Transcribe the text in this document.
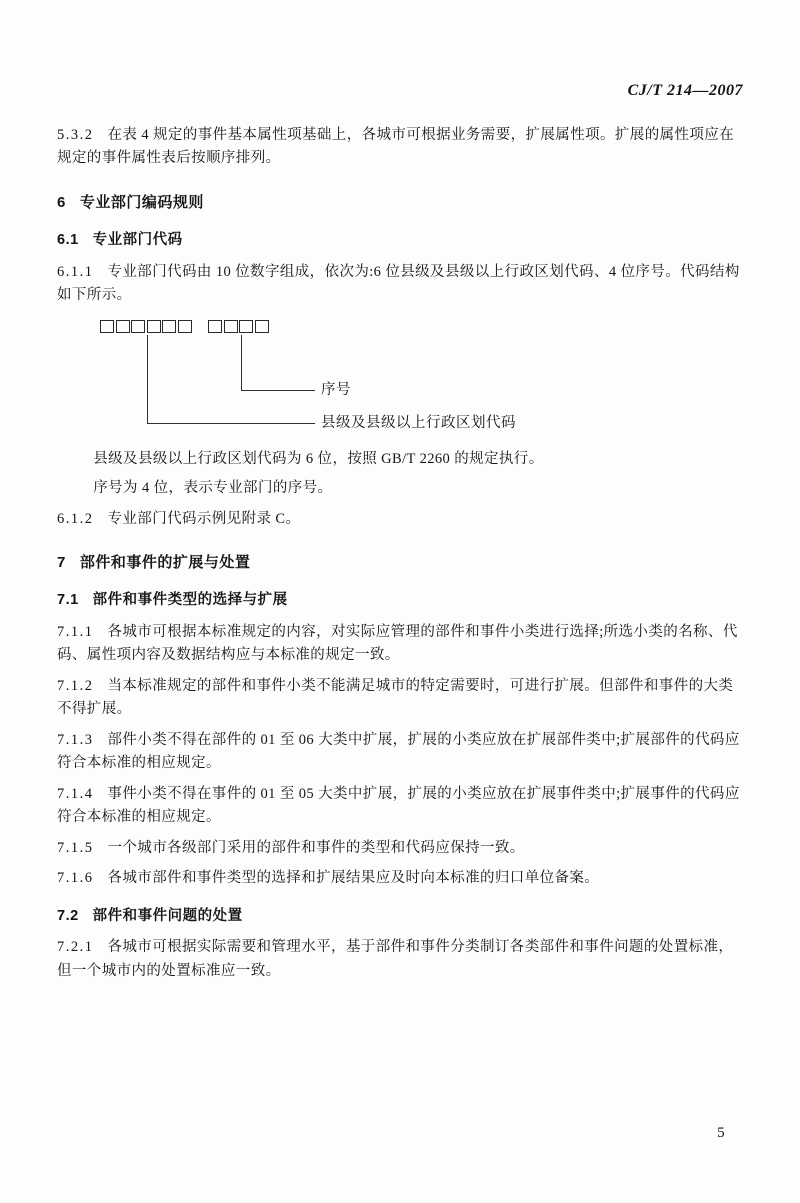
CJ/T 214—2007

5.3.2 在表 4 规定的事件基本属性项基础上，各城市可根据业务需要，扩展属性项。扩展的属性项应在规定的事件属性表后按顺序排列。

6 专业部门编码规则
6.1 专业部门代码

6.1.1 专业部门代码由 10 位数字组成，依次为:6 位县级及县级以上行政区划代码、4 位序号。代码结构如下所示。

序号
县级及县级以上行政区划代码

县级及县级以上行政区划代码为 6 位，按照 GB/T 2260 的规定执行。

序号为 4 位，表示专业部门的序号。

6.1.2 专业部门代码示例见附录 C。

7 部件和事件的扩展与处置
7.1 部件和事件类型的选择与扩展

7.1.1 各城市可根据本标准规定的内容，对实际应管理的部件和事件小类进行选择;所选小类的名称、代码、属性项内容及数据结构应与本标准的规定一致。

7.1.2 当本标准规定的部件和事件小类不能满足城市的特定需要时，可进行扩展。但部件和事件的大类不得扩展。

7.1.3 部件小类不得在部件的 01 至 06 大类中扩展，扩展的小类应放在扩展部件类中;扩展部件的代码应符合本标准的相应规定。

7.1.4 事件小类不得在事件的 01 至 05 大类中扩展，扩展的小类应放在扩展事件类中;扩展事件的代码应符合本标准的相应规定。

7.1.5 一个城市各级部门采用的部件和事件的类型和代码应保持一致。

7.1.6 各城市部件和事件类型的选择和扩展结果应及时向本标准的归口单位备案。

7.2 部件和事件问题的处置

7.2.1 各城市可根据实际需要和管理水平，基于部件和事件分类制订各类部件和事件问题的处置标准，但一个城市内的处置标准应一致。

5
